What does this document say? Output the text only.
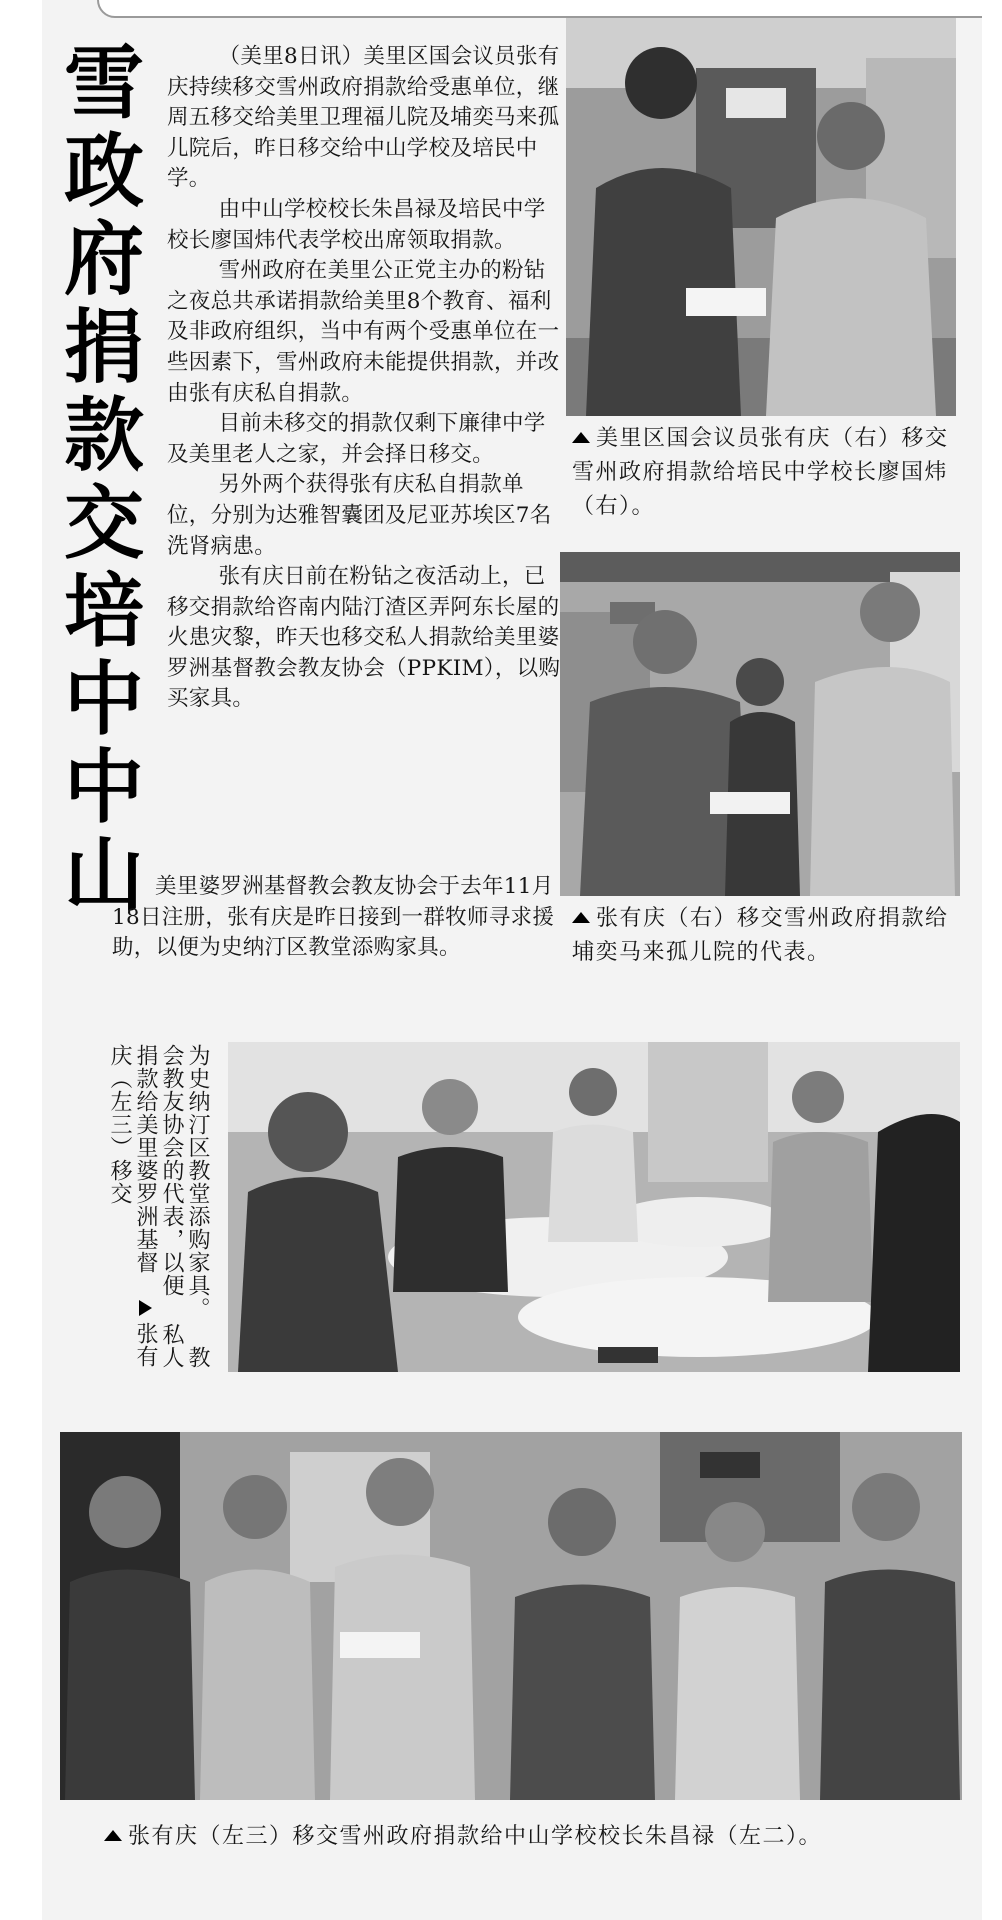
雪
政
府
捐
款
交
培
中
中
山

（美里8日讯）美里区国会议员张有庆持续移交雪州政府捐款给受惠单位，继周五移交给美里卫理福儿院及埔奕马来孤儿院后，昨日移交给中山学校及培民中学。

由中山学校校长朱昌禄及培民中学校长廖国炜代表学校出席领取捐款。

雪州政府在美里公正党主办的粉钻之夜总共承诺捐款给美里8个教育、福利及非政府组织，当中有两个受惠单位在一些因素下，雪州政府未能提供捐款，并改由张有庆私自捐款。

目前未移交的捐款仅剩下廉律中学及美里老人之家，并会择日移交。

另外两个获得张有庆私自捐款单位，分别为达雅智囊团及尼亚苏埃区7名洗肾病患。

张有庆日前在粉钻之夜活动上，已移交捐款给咨南内陆汀渣区弄阿东长屋的火患灾黎，昨天也移交私人捐款给美里婆罗洲基督教会教友协会（PPKIM），以购买家具。

美里婆罗洲基督教会教友协会于去年11月18日注册，张有庆是昨日接到一群牧师寻求援助，以便为史纳汀区教堂添购家具。

美里区国会议员张有庆（右）移交雪州政府捐款给培民中学校长廖国炜（右）。
张有庆（右）移交雪州政府捐款给埔奕马来孤儿院的代表。
为史纳汀区教堂添购家具。 教会教友协会的代表，以便 私人捐款给美里婆罗洲基督 张有庆（左三）移交
张有庆（左三）移交雪州政府捐款给中山学校校长朱昌禄（左二）。
